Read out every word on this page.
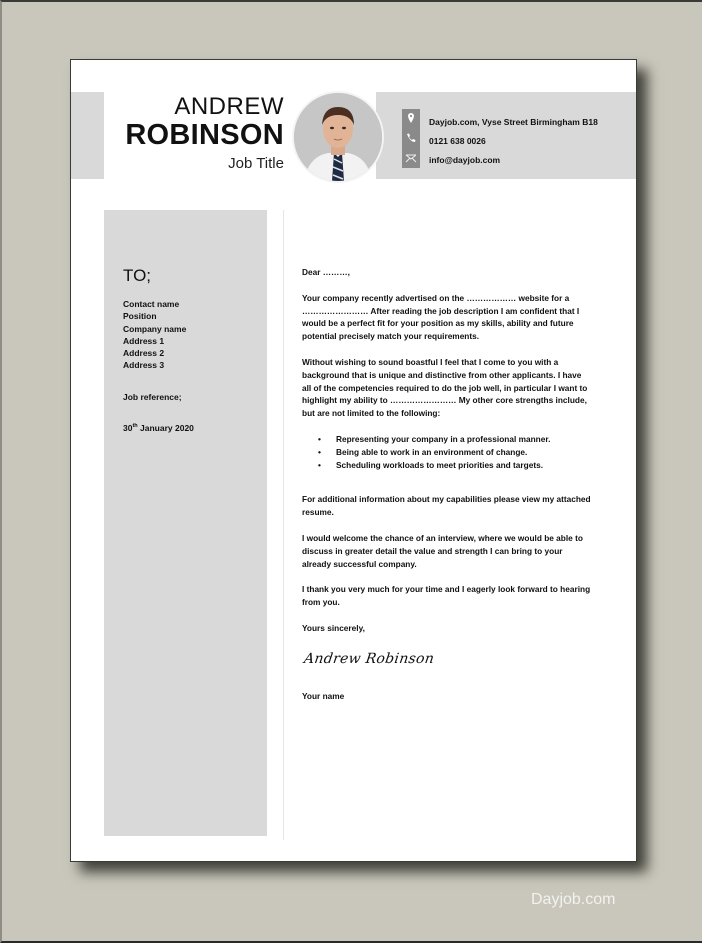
ANDREW
ROBINSON
Job Title
Dayjob.com, Vyse Street Birmingham B18
0121 638 0026
info@dayjob.com
TO;
Contact name
Position
Company name
Address 1
Address 2
Address 3
Job reference;
30th January 2020

Dear ………,

Your company recently advertised on the ……………… website for a …………………… After reading the job description I am confident that I would be a perfect fit for your position as my skills, ability and future potential precisely match your requirements.

Without wishing to sound boastful I feel that I come to you with a background that is unique and distinctive from other applicants. I have all of the competencies required to do the job well, in particular I want to highlight my ability to …………………… My other core strengths include, but are not limited to the following:

• Representing your company in a professional manner.
• Being able to work in an environment of change.
• Scheduling workloads to meet priorities and targets.

For additional information about my capabilities please view my attached resume.

I would welcome the chance of an interview, where we would be able to discuss in greater detail the value and strength I can bring to your already successful company.

I thank you very much for your time and I eagerly look forward to hearing from you.

Yours sincerely,

Andrew Robinson

Your name

Dayjob.com
